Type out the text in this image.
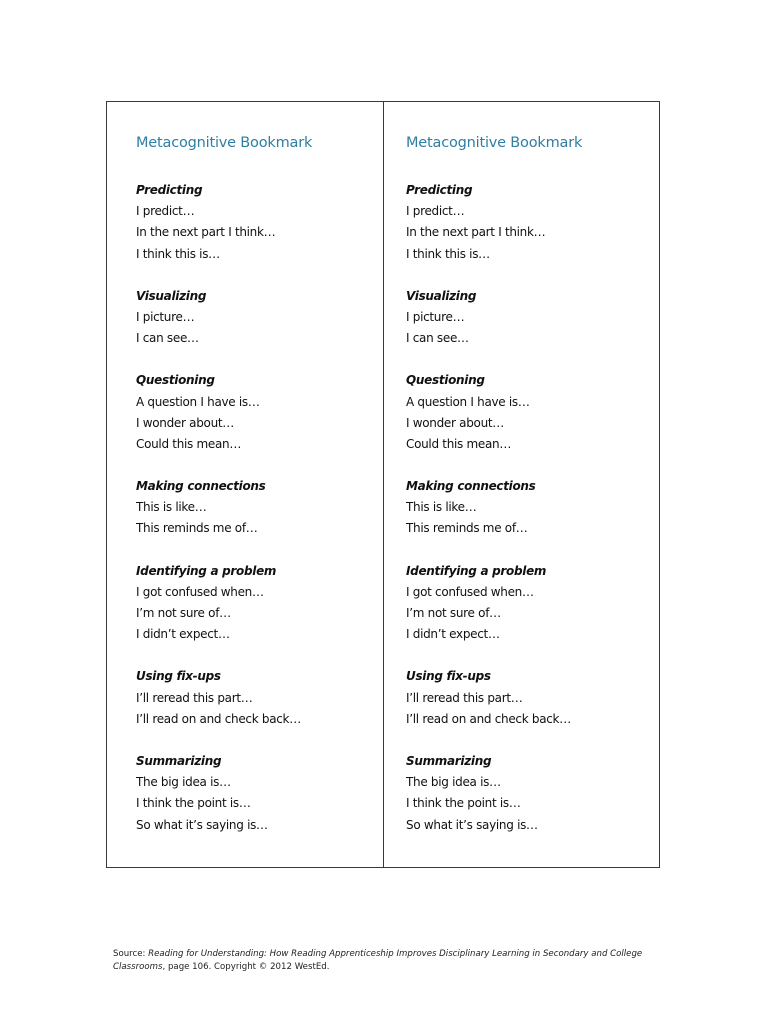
Metacognitive Bookmark
Predicting
I predict…
In the next part I think…
I think this is…
Visualizing
I picture…
I can see…
Questioning
A question I have is…
I wonder about…
Could this mean…
Making connections
This is like…
This reminds me of…
Identifying a problem
I got confused when…
I’m not sure of…
I didn’t expect…
Using fix-ups
I’ll reread this part…
I’ll read on and check back…
Summarizing
The big idea is…
I think the point is…
So what it’s saying is…
Metacognitive Bookmark
Predicting
I predict…
In the next part I think…
I think this is…
Visualizing
I picture…
I can see…
Questioning
A question I have is…
I wonder about…
Could this mean…
Making connections
This is like…
This reminds me of…
Identifying a problem
I got confused when…
I’m not sure of…
I didn’t expect…
Using fix-ups
I’ll reread this part…
I’ll read on and check back…
Summarizing
The big idea is…
I think the point is…
So what it’s saying is…
Source: Reading for Understanding: How Reading Apprenticeship Improves Disciplinary Learning in Secondary and College Classrooms, page 106. Copyright © 2012 WestEd.
